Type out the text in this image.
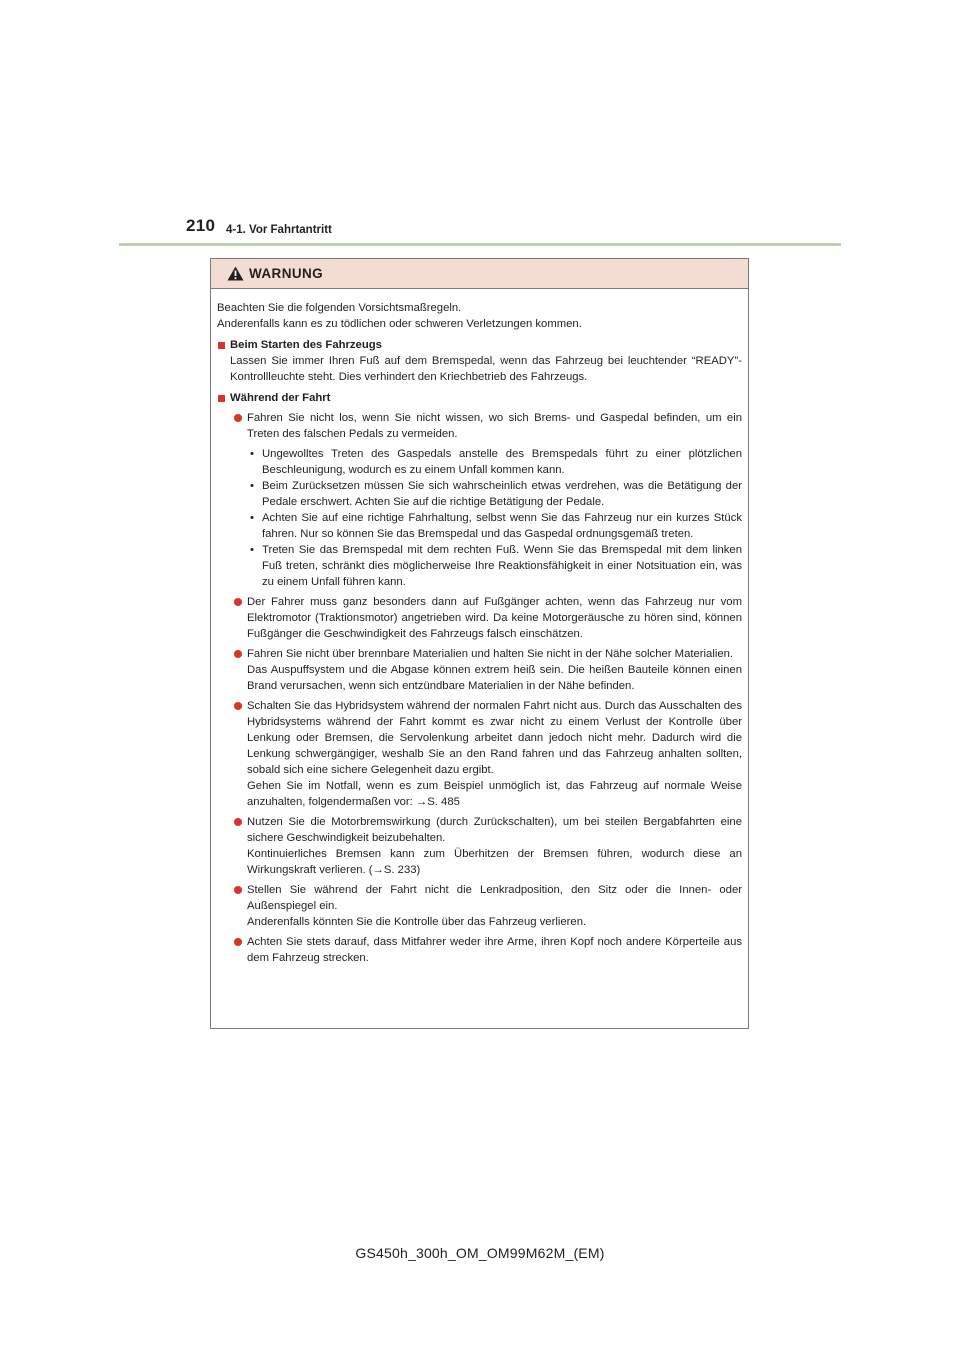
210 4-1. Vor Fahrtantritt
WARNUNG

Beachten Sie die folgenden Vorsichtsmaßregeln.

Anderenfalls kann es zu tödlichen oder schweren Verletzungen kommen.

Beim Starten des Fahrzeugs

Lassen Sie immer Ihren Fuß auf dem Bremspedal, wenn das Fahrzeug bei leuchtender “READY”-Kontrollleuchte steht. Dies verhindert den Kriechbetrieb des Fahrzeugs.

Während der Fahrt

Fahren Sie nicht los, wenn Sie nicht wissen, wo sich Brems- und Gaspedal befinden, um ein Treten des falschen Pedals zu vermeiden.

• Ungewolltes Treten des Gaspedals anstelle des Bremspedals führt zu einer plötzlichen Beschleunigung, wodurch es zu einem Unfall kommen kann.

• Beim Zurücksetzen müssen Sie sich wahrscheinlich etwas verdrehen, was die Betätigung der Pedale erschwert. Achten Sie auf die richtige Betätigung der Pedale.

• Achten Sie auf eine richtige Fahrhaltung, selbst wenn Sie das Fahrzeug nur ein kurzes Stück fahren. Nur so können Sie das Bremspedal und das Gaspedal ordnungsgemäß treten.

• Treten Sie das Bremspedal mit dem rechten Fuß. Wenn Sie das Bremspedal mit dem linken Fuß treten, schränkt dies möglicherweise Ihre Reaktionsfähigkeit in einer Notsituation ein, was zu einem Unfall führen kann.

Der Fahrer muss ganz besonders dann auf Fußgänger achten, wenn das Fahrzeug nur vom Elektromotor (Traktionsmotor) angetrieben wird. Da keine Motorgeräusche zu hören sind, können Fußgänger die Geschwindigkeit des Fahrzeugs falsch einschätzen.

Fahren Sie nicht über brennbare Materialien und halten Sie nicht in der Nähe solcher Materialien.

Das Auspuffsystem und die Abgase können extrem heiß sein. Die heißen Bauteile können einen Brand verursachen, wenn sich entzündbare Materialien in der Nähe befinden.

Schalten Sie das Hybridsystem während der normalen Fahrt nicht aus. Durch das Ausschalten des Hybridsystems während der Fahrt kommt es zwar nicht zu einem Verlust der Kontrolle über Lenkung oder Bremsen, die Servolenkung arbeitet dann jedoch nicht mehr. Dadurch wird die Lenkung schwergängiger, weshalb Sie an den Rand fahren und das Fahrzeug anhalten sollten, sobald sich eine sichere Gelegenheit dazu ergibt.

Gehen Sie im Notfall, wenn es zum Beispiel unmöglich ist, das Fahrzeug auf normale Weise anzuhalten, folgendermaßen vor: →S. 485

Nutzen Sie die Motorbremswirkung (durch Zurückschalten), um bei steilen Bergabfahrten eine sichere Geschwindigkeit beizubehalten.

Kontinuierliches Bremsen kann zum Überhitzen der Bremsen führen, wodurch diese an Wirkungskraft verlieren. (→S. 233)

Stellen Sie während der Fahrt nicht die Lenkradposition, den Sitz oder die Innen- oder Außenspiegel ein.

Anderenfalls könnten Sie die Kontrolle über das Fahrzeug verlieren.

Achten Sie stets darauf, dass Mitfahrer weder ihre Arme, ihren Kopf noch andere Körperteile aus dem Fahrzeug strecken.

GS450h_300h_OM_OM99M62M_(EM)
